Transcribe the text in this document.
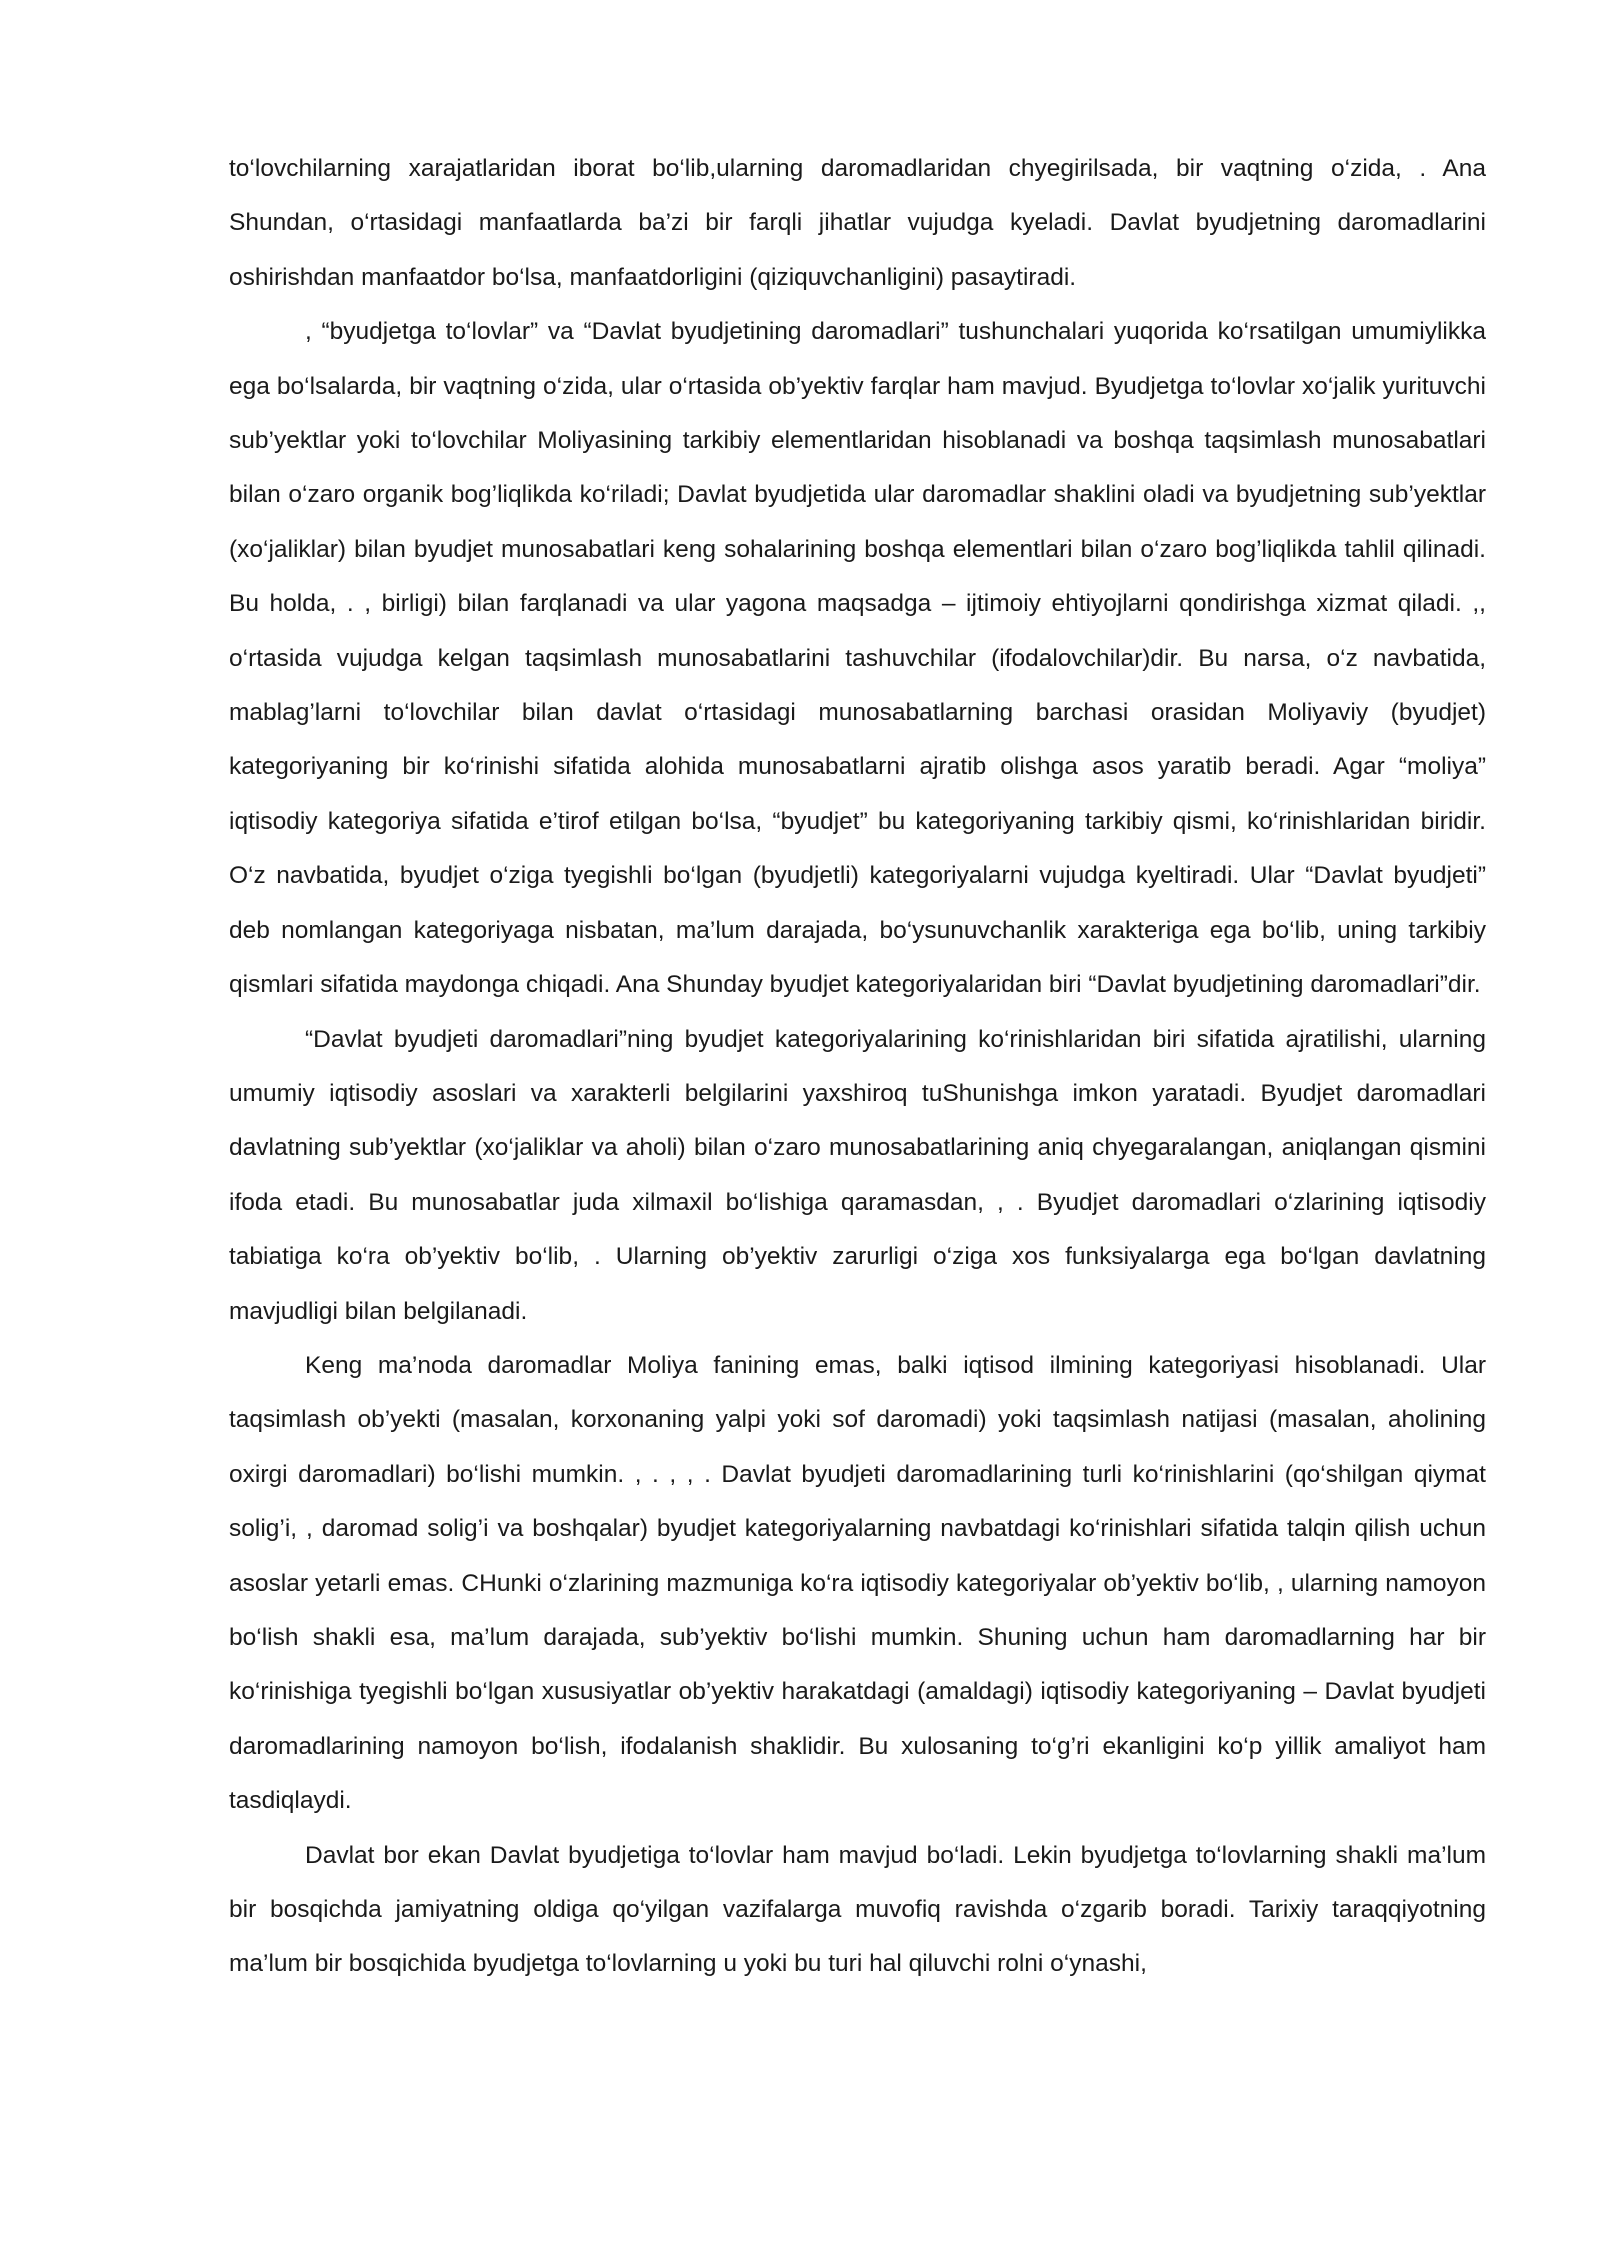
to‘lovchilarning xarajatlaridan iborat bo‘lib,ularning daromadlaridan chyegirilsada, bir vaqtning o‘zida, . Ana Shundan, o‘rtasidagi manfaatlarda ba’zi bir farqli jihatlar vujudga kyeladi. Davlat byudjetning daromadlarini oshirishdan manfaatdor bo‘lsa, manfaatdorligini (qiziquvchanligini) pasaytiradi.

, “byudjetga to‘lovlar” va “Davlat byudjetining daromadlari” tushunchalari yuqorida ko‘rsatilgan umumiylikka ega bo‘lsalarda, bir vaqtning o‘zida, ular o‘rtasida ob’yektiv farqlar ham mavjud. Byudjetga to‘lovlar xo‘jalik yurituvchi sub’yektlar yoki to‘lovchilar Moliyasining tarkibiy elementlaridan hisoblanadi va boshqa taqsimlash munosabatlari bilan o‘zaro organik bog’liqlikda ko‘riladi; Davlat byudjetida ular daromadlar shaklini oladi va byudjetning sub’yektlar (xo‘jaliklar) bilan byudjet munosabatlari keng sohalarining boshqa elementlari bilan o‘zaro bog’liqlikda tahlil qilinadi. Bu holda, . , birligi) bilan farqlanadi va ular yagona maqsadga – ijtimoiy ehtiyojlarni qondirishga xizmat qiladi. ,, o‘rtasida vujudga kelgan taqsimlash munosabatlarini tashuvchilar (ifodalovchilar)dir. Bu narsa, o‘z navbatida, mablag’larni to‘lovchilar bilan davlat o‘rtasidagi munosabatlarning barchasi orasidan Moliyaviy (byudjet) kategoriyaning bir ko‘rinishi sifatida alohida munosabatlarni ajratib olishga asos yaratib beradi. Agar “moliya” iqtisodiy kategoriya sifatida e’tirof etilgan bo‘lsa, “byudjet” bu kategoriyaning tarkibiy qismi, ko‘rinishlaridan biridir. O‘z navbatida, byudjet o‘ziga tyegishli bo‘lgan (byudjetli) kategoriyalarni vujudga kyeltiradi. Ular “Davlat byudjeti” deb nomlangan kategoriyaga nisbatan, ma’lum darajada, bo‘ysunuvchanlik xarakteriga ega bo‘lib, uning tarkibiy qismlari sifatida maydonga chiqadi. Ana Shunday byudjet kategoriyalaridan biri “Davlat byudjetining daromadlari”dir.

“Davlat byudjeti daromadlari”ning byudjet kategoriyalarining ko‘rinishlaridan biri sifatida ajratilishi, ularning umumiy iqtisodiy asoslari va xarakterli belgilarini yaxshiroq tuShunishga imkon yaratadi. Byudjet daromadlari davlatning sub’yektlar (xo‘jaliklar va aholi) bilan o‘zaro munosabatlarining aniq chyegaralangan, aniqlangan qismini ifoda etadi. Bu munosabatlar juda xilmaxil bo‘lishiga qaramasdan, , . Byudjet daromadlari o‘zlarining iqtisodiy tabiatiga ko‘ra ob’yektiv bo‘lib, . Ularning ob’yektiv zarurligi o‘ziga xos funksiyalarga ega bo‘lgan davlatning mavjudligi bilan belgilanadi.

Keng ma’noda daromadlar Moliya fanining emas, balki iqtisod ilmining kategoriyasi hisoblanadi. Ular taqsimlash ob’yekti (masalan, korxonaning yalpi yoki sof daromadi) yoki taqsimlash natijasi (masalan, aholining oxirgi daromadlari) bo‘lishi mumkin. , . , , . Davlat byudjeti daromadlarining turli ko‘rinishlarini (qo‘shilgan qiymat solig’i, , daromad solig’i va boshqalar) byudjet kategoriyalarning navbatdagi ko‘rinishlari sifatida talqin qilish uchun asoslar yetarli emas. CHunki o‘zlarining mazmuniga ko‘ra iqtisodiy kategoriyalar ob’yektiv bo‘lib, , ularning namoyon bo‘lish shakli esa, ma’lum darajada, sub’yektiv bo‘lishi mumkin. Shuning uchun ham daromadlarning har bir ko‘rinishiga tyegishli bo‘lgan xususiyatlar ob’yektiv harakatdagi (amaldagi) iqtisodiy kategoriyaning – Davlat byudjeti daromadlarining namoyon bo‘lish, ifodalanish shaklidir. Bu xulosaning to‘g’ri ekanligini ko‘p yillik amaliyot ham tasdiqlaydi.

Davlat bor ekan Davlat byudjetiga to‘lovlar ham mavjud bo‘ladi. Lekin byudjetga to‘lovlarning shakli ma’lum bir bosqichda jamiyatning oldiga qo‘yilgan vazifalarga muvofiq ravishda o‘zgarib boradi. Tarixiy taraqqiyotning ma’lum bir bosqichida byudjetga to‘lovlarning u yoki bu turi hal qiluvchi rolni o‘ynashi,
